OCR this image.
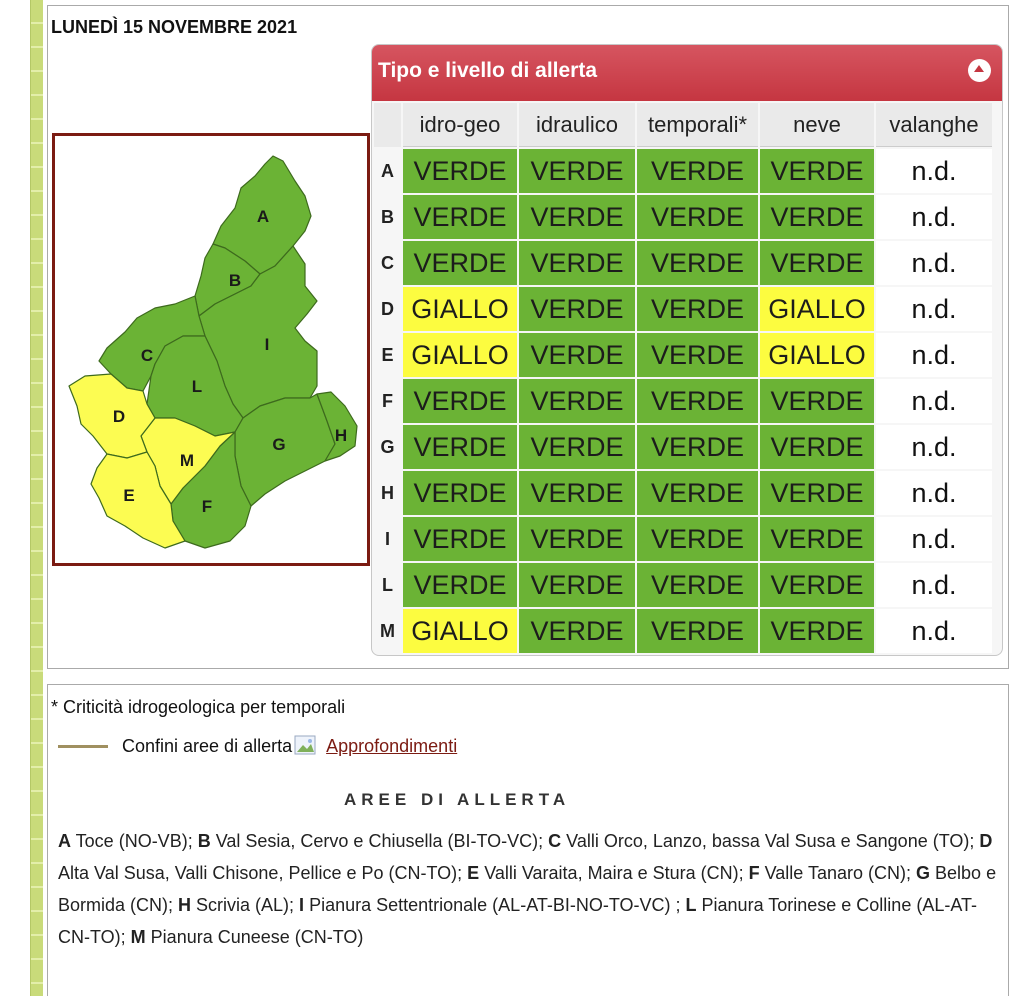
LUNEDÌ 15 NOVEMBRE 2021
A
B
C
D
E
F
G	H
I
L
M
Tipo e livello di allerta
	idro-geo	idraulico	temporali*	neve	valanghe
A	VERDE	VERDE	VERDE	VERDE	n.d.
B	VERDE	VERDE	VERDE	VERDE	n.d.
C	VERDE	VERDE	VERDE	VERDE	n.d.
D	GIALLO	VERDE	VERDE	GIALLO	n.d.
E	GIALLO	VERDE	VERDE	GIALLO	n.d.
F	VERDE	VERDE	VERDE	VERDE	n.d.
G	VERDE	VERDE	VERDE	VERDE	n.d.
H	VERDE	VERDE	VERDE	VERDE	n.d.
I	VERDE	VERDE	VERDE	VERDE	n.d.
L	VERDE	VERDE	VERDE	VERDE	n.d.
M	GIALLO	VERDE	VERDE	VERDE	n.d.
* Criticità idrogeologica per temporali
Confini aree di allerta Approfondimenti
AREE DI ALLERTA
A Toce (NO-VB); B Val Sesia, Cervo e Chiusella (BI-TO-VC); C Valli Orco, Lanzo, bassa Val Susa e Sangone (TO); D Alta Val Susa, Valli Chisone, Pellice e Po (CN-TO); E Valli Varaita, Maira e Stura (CN); F Valle Tanaro (CN); G Belbo e Bormida (CN); H Scrivia (AL); I Pianura Settentrionale (AL-AT-BI-NO-TO-VC) ; L Pianura Torinese e Colline (AL-AT-CN-TO); M Pianura Cuneese (CN-TO)
